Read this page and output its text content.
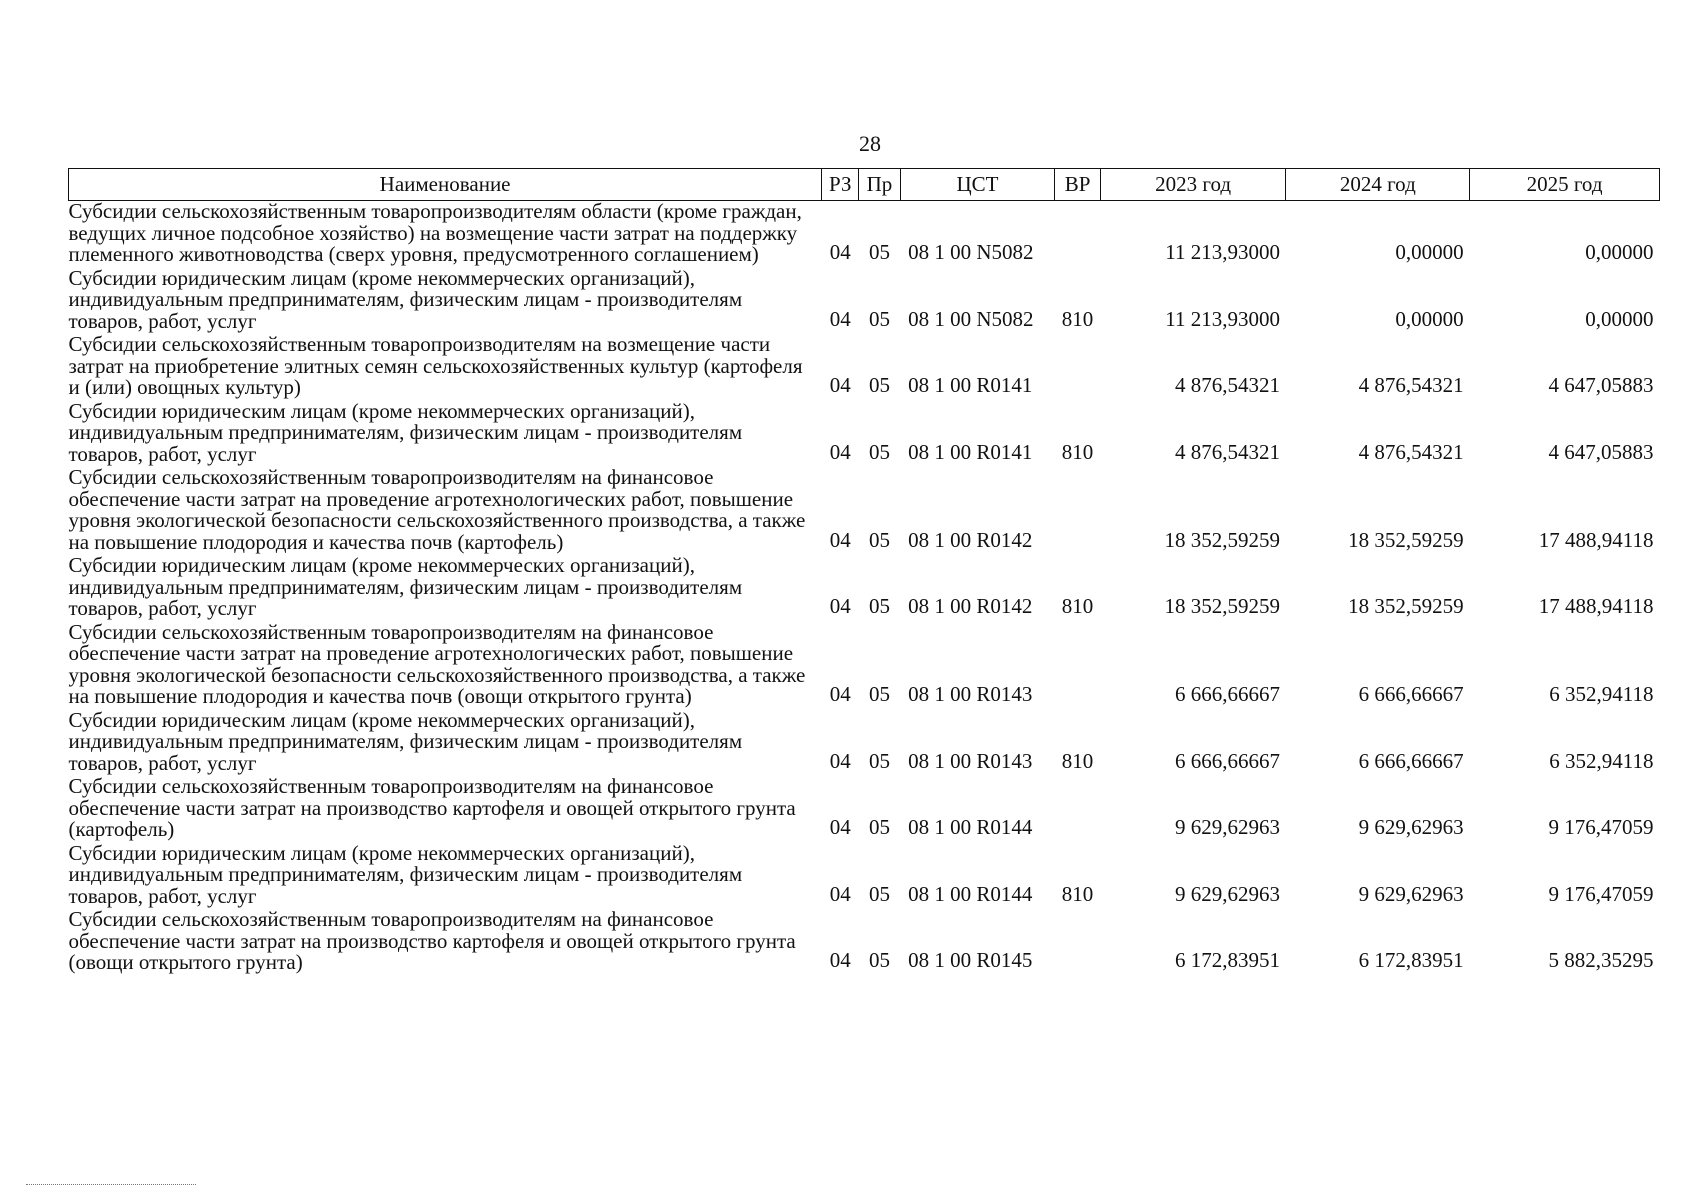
28
Наименование	РЗ	Пр	ЦСТ	ВР	2023 год	2024 год	2025 год
Субсидии сельскохозяйственным товаропроизводителям области (кроме граждан, ведущих личное подсобное хозяйство) на возмещение части затрат на поддержку племенного животноводства (сверх уровня, предусмотренного соглашением)	04	05	08 1 00 N5082		11 213,93000	0,00000	0,00000
Субсидии юридическим лицам (кроме некоммерческих организаций), индивидуальным предпринимателям, физическим лицам - производителям товаров, работ, услуг	04	05	08 1 00 N5082	810	11 213,93000	0,00000	0,00000
Субсидии сельскохозяйственным товаропроизводителям на возмещение части затрат на приобретение элитных семян сельскохозяйственных культур (картофеля и (или) овощных культур)	04	05	08 1 00 R0141		4 876,54321	4 876,54321	4 647,05883
Субсидии юридическим лицам (кроме некоммерческих организаций), индивидуальным предпринимателям, физическим лицам - производителям товаров, работ, услуг	04	05	08 1 00 R0141	810	4 876,54321	4 876,54321	4 647,05883
Субсидии сельскохозяйственным товаропроизводителям на финансовое обеспечение части затрат на проведение агротехнологических работ, повышение уровня экологической безопасности сельскохозяйственного производства, а также на повышение плодородия и качества почв (картофель)	04	05	08 1 00 R0142		18 352,59259	18 352,59259	17 488,94118
Субсидии юридическим лицам (кроме некоммерческих организаций), индивидуальным предпринимателям, физическим лицам - производителям товаров, работ, услуг	04	05	08 1 00 R0142	810	18 352,59259	18 352,59259	17 488,94118
Субсидии сельскохозяйственным товаропроизводителям на финансовое обеспечение части затрат на проведение агротехнологических работ, повышение уровня экологической безопасности сельскохозяйственного производства, а также на повышение плодородия и качества почв (овощи открытого грунта)	04	05	08 1 00 R0143		6 666,66667	6 666,66667	6 352,94118
Субсидии юридическим лицам (кроме некоммерческих организаций), индивидуальным предпринимателям, физическим лицам - производителям товаров, работ, услуг	04	05	08 1 00 R0143	810	6 666,66667	6 666,66667	6 352,94118
Субсидии сельскохозяйственным товаропроизводителям на финансовое обеспечение части затрат на производство картофеля и овощей открытого грунта (картофель)	04	05	08 1 00 R0144		9 629,62963	9 629,62963	9 176,47059
Субсидии юридическим лицам (кроме некоммерческих организаций), индивидуальным предпринимателям, физическим лицам - производителям товаров, работ, услуг	04	05	08 1 00 R0144	810	9 629,62963	9 629,62963	9 176,47059
Субсидии сельскохозяйственным товаропроизводителям на финансовое обеспечение части затрат на производство картофеля и овощей открытого грунта (овощи открытого грунта)	04	05	08 1 00 R0145		6 172,83951	6 172,83951	5 882,35295
